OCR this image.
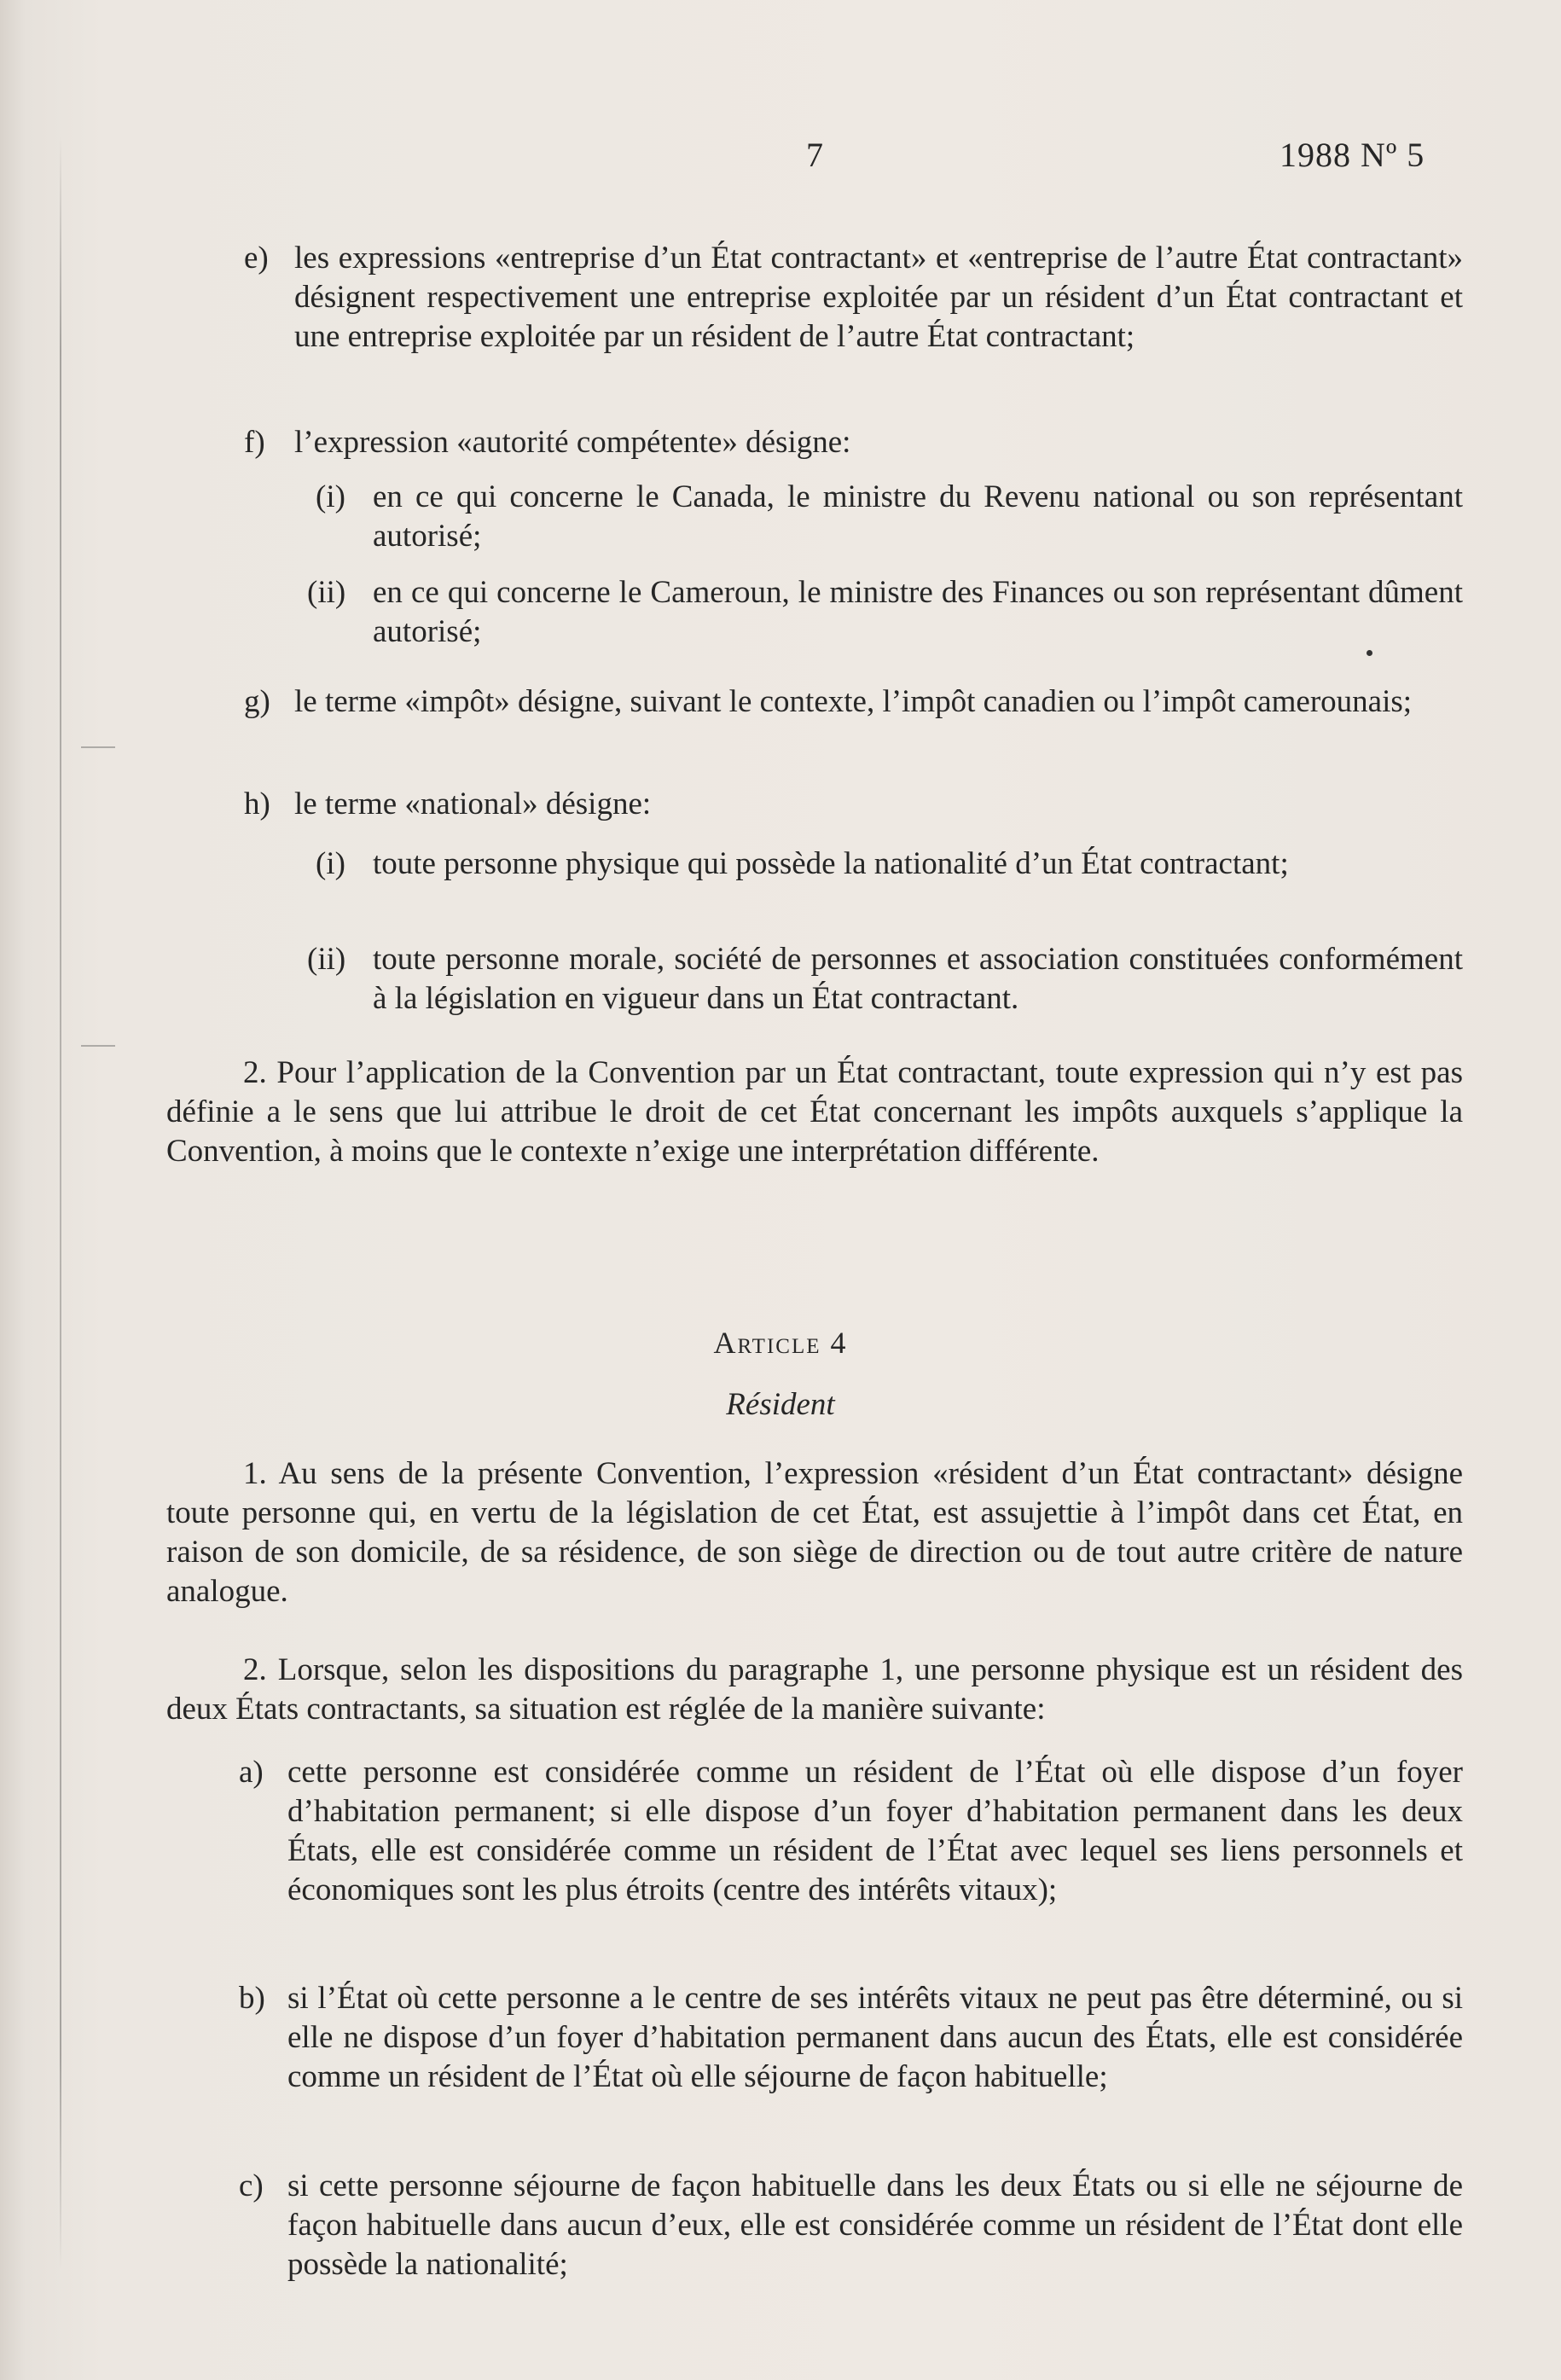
7	1988 Nº 5
e) les expressions «entreprise d’un État contractant» et «entreprise de l’autre État contractant» désignent respectivement une entreprise exploitée par un résident d’un État contractant et une entreprise exploitée par un résident de l’autre État contractant;
f) l’expression «autorité compétente» désigne:
(i) en ce qui concerne le Canada, le ministre du Revenu national ou son représentant autorisé;
(ii) en ce qui concerne le Cameroun, le ministre des Finances ou son représentant dûment autorisé;
g) le terme «impôt» désigne, suivant le contexte, l’impôt canadien ou l’impôt camerounais;
h) le terme «national» désigne:
(i) toute personne physique qui possède la nationalité d’un État contractant;
(ii) toute personne morale, société de personnes et association constituées conformément à la législation en vigueur dans un État contractant.
2. Pour l’application de la Convention par un État contractant, toute expression qui n’y est pas définie a le sens que lui attribue le droit de cet État concernant les impôts auxquels s’applique la Convention, à moins que le contexte n’exige une interprétation différente.
Article 4
Résident
1. Au sens de la présente Convention, l’expression «résident d’un État contractant» désigne toute personne qui, en vertu de la législation de cet État, est assujettie à l’impôt dans cet État, en raison de son domicile, de sa résidence, de son siège de direction ou de tout autre critère de nature analogue.
2. Lorsque, selon les dispositions du paragraphe 1, une personne physique est un résident des deux États contractants, sa situation est réglée de la manière suivante:
a) cette personne est considérée comme un résident de l’État où elle dispose d’un foyer d’habitation permanent; si elle dispose d’un foyer d’habitation permanent dans les deux États, elle est considérée comme un résident de l’État avec lequel ses liens personnels et économiques sont les plus étroits (centre des intérêts vitaux);
b) si l’État où cette personne a le centre de ses intérêts vitaux ne peut pas être déterminé, ou si elle ne dispose d’un foyer d’habitation permanent dans aucun des États, elle est considérée comme un résident de l’État où elle séjourne de façon habituelle;
c) si cette personne séjourne de façon habituelle dans les deux États ou si elle ne séjourne de façon habituelle dans aucun d’eux, elle est considérée comme un résident de l’État dont elle possède la nationalité;
